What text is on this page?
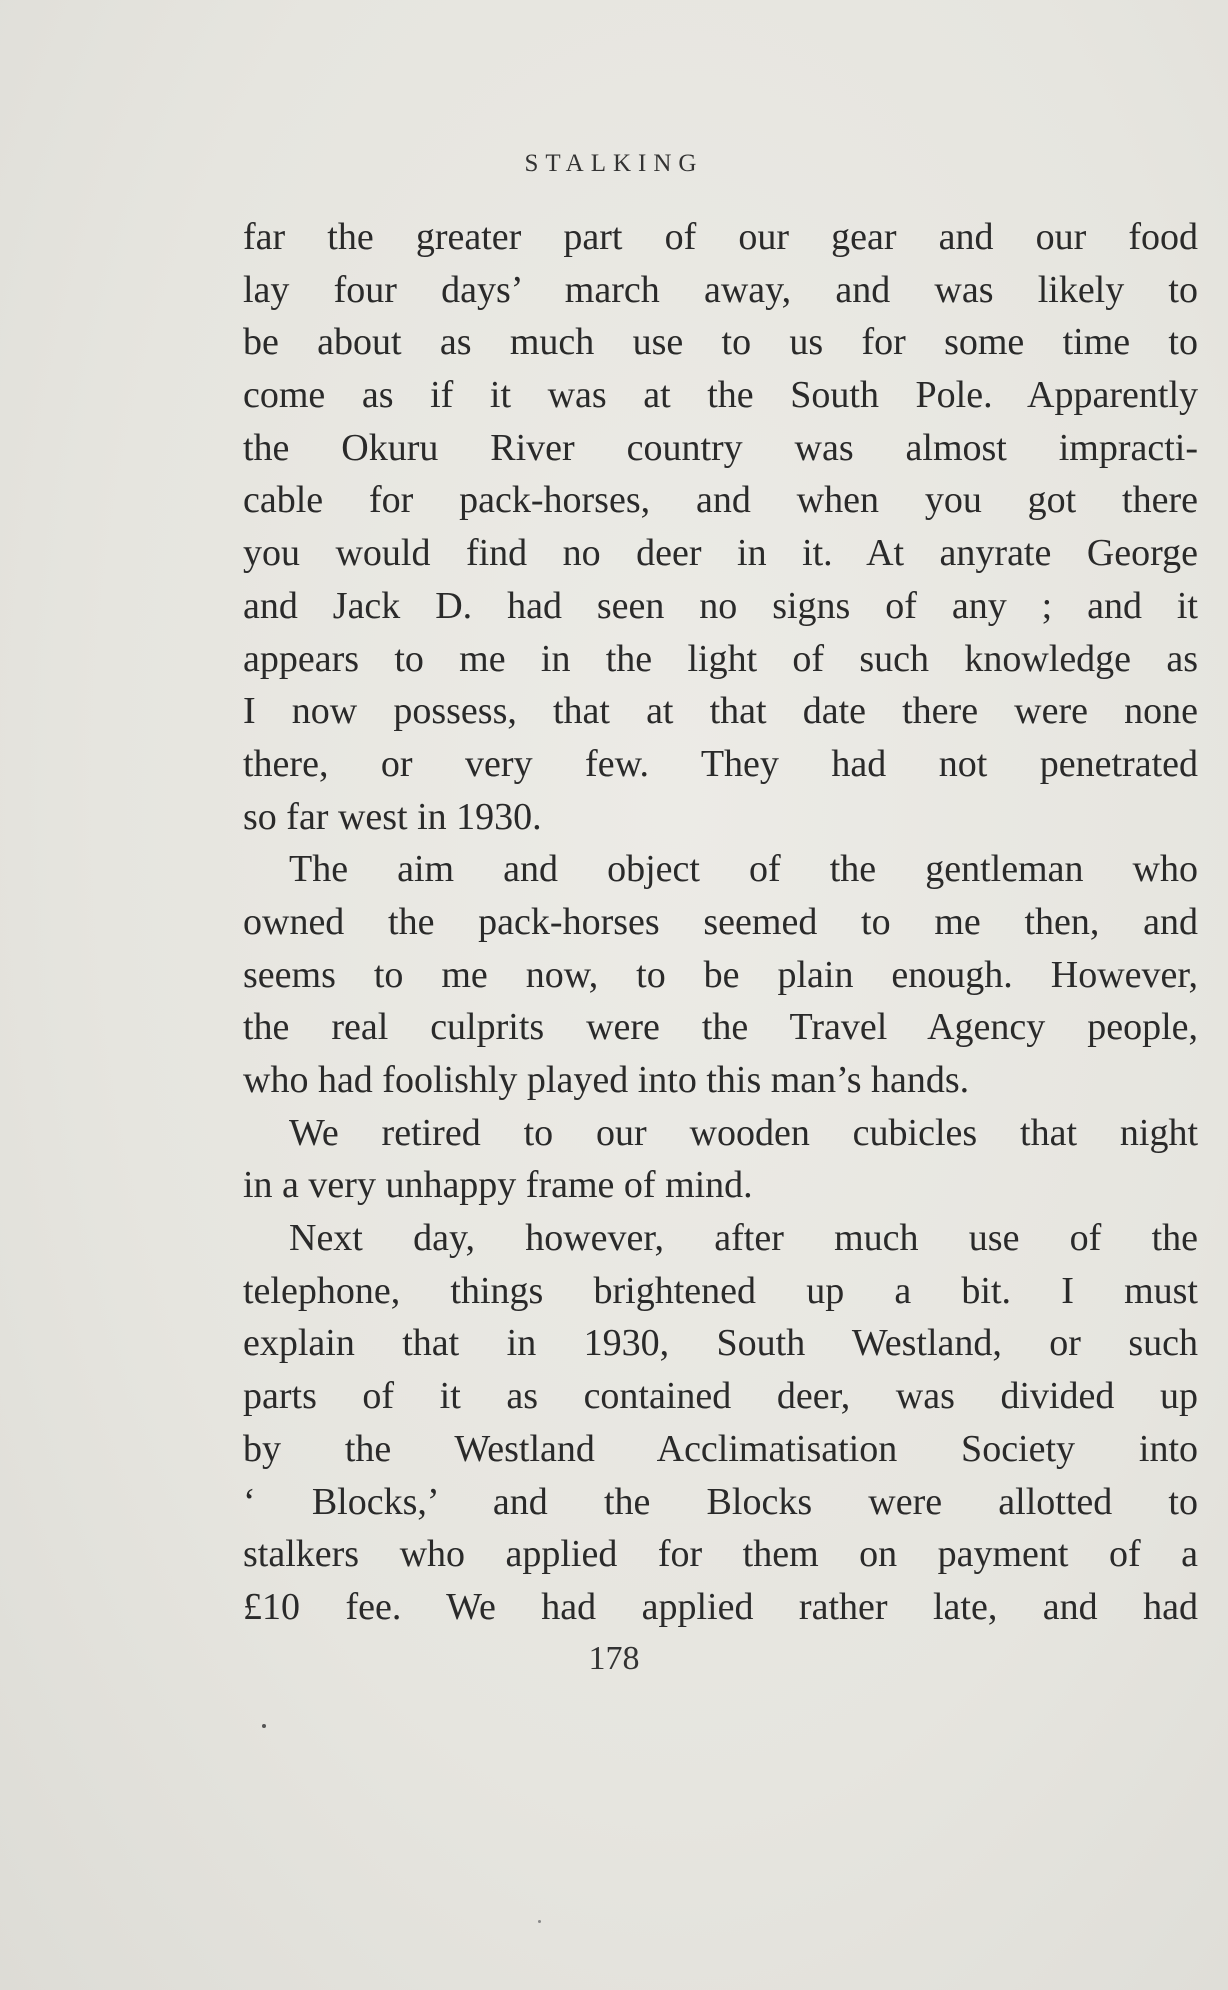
STALKING
far the greater part of our gear and our food
lay four days’ march away, and was likely to
be about as much use to us for some time to
come as if it was at the South Pole. Apparently
the Okuru River country was almost impracti-
cable for pack-horses, and when you got there
you would find no deer in it. At anyrate George
and Jack D. had seen no signs of any ; and it
appears to me in the light of such knowledge as
I now possess, that at that date there were none
there, or very few. They had not penetrated
so far west in 1930.
The aim and object of the gentleman who
owned the pack-horses seemed to me then, and
seems to me now, to be plain enough. However,
the real culprits were the Travel Agency people,
who had foolishly played into this man’s hands.
We retired to our wooden cubicles that night
in a very unhappy frame of mind.
Next day, however, after much use of the
telephone, things brightened up a bit. I must
explain that in 1930, South Westland, or such
parts of it as contained deer, was divided up
by the Westland Acclimatisation Society into
‘ Blocks,’ and the Blocks were allotted to
stalkers who applied for them on payment of a
£10 fee. We had applied rather late, and had
178
